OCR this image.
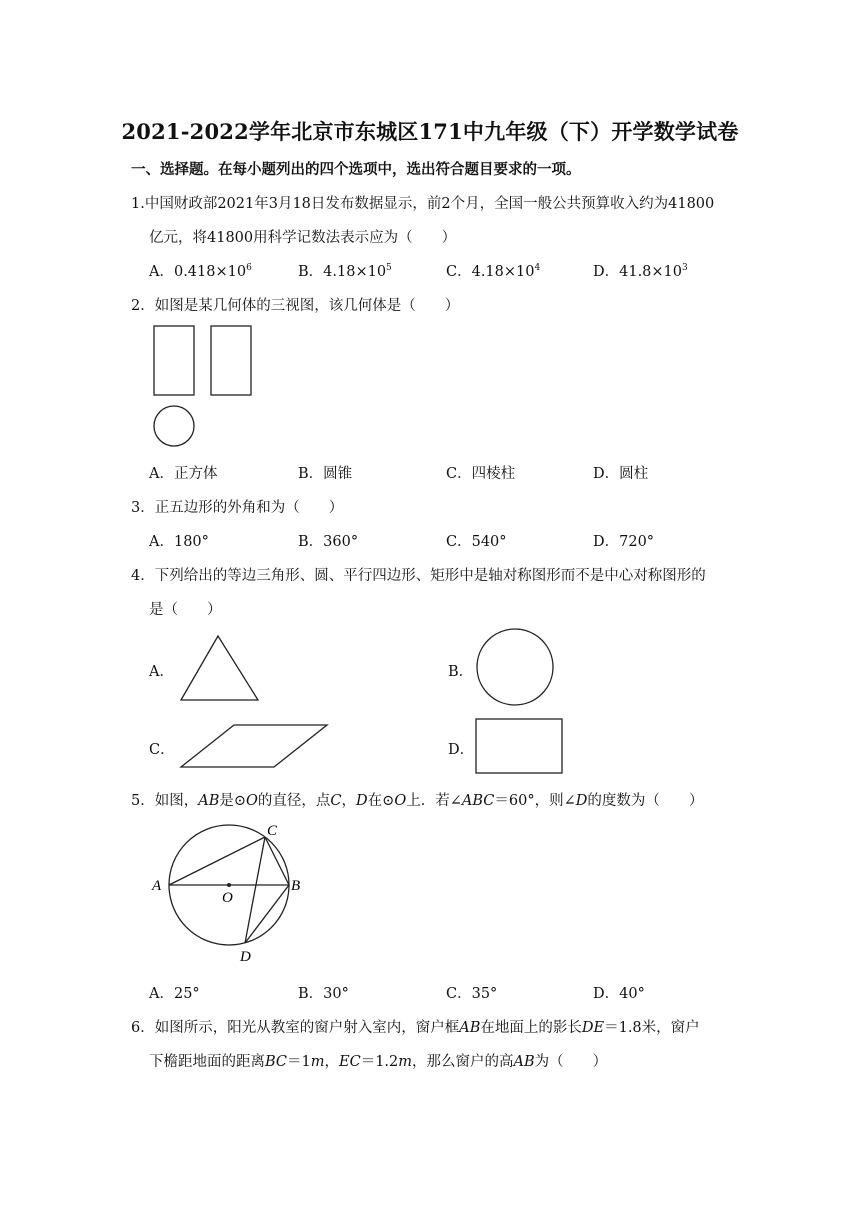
2021-2022学年北京市东城区171中九年级（下）开学数学试卷
一、选择题。在每小题列出的四个选项中，选出符合题目要求的一项。
1.中国财政部2021年3月18日发布数据显示，前2个月，全国一般公共预算收入约为41800
亿元，将41800用科学记数法表示应为（　　）
A．$0.418\times 10^6$	B．$4.18\times 10^5$	C．$4.18\times 10^4$	D．$41.8\times 10^3$
2．如图是某几何体的三视图，该几何体是（　　）
A．正方体	B．圆锥	C．四棱柱	D．圆柱
3．正五边形的外角和为（　　）
A．180°	B．360°	C．540°	D．720°
4．下列给出的等边三角形、圆、平行四边形、矩形中是轴对称图形而不是中心对称图形的
是（　　）
A．	B．
C．	D．
5．如图，AB是⊙O的直径，点C，D在⊙O上．若∠ABC＝60°，则∠D的度数为（　　）
A	B
C
D
O
A．25°	B．30°	C．35°	D．40°
6．如图所示，阳光从教室的窗户射入室内，窗户框AB在地面上的影长DE＝1.8米，窗户
下檐距地面的距离BC＝1m，EC＝1.2m，那么窗户的高AB为（　　）
